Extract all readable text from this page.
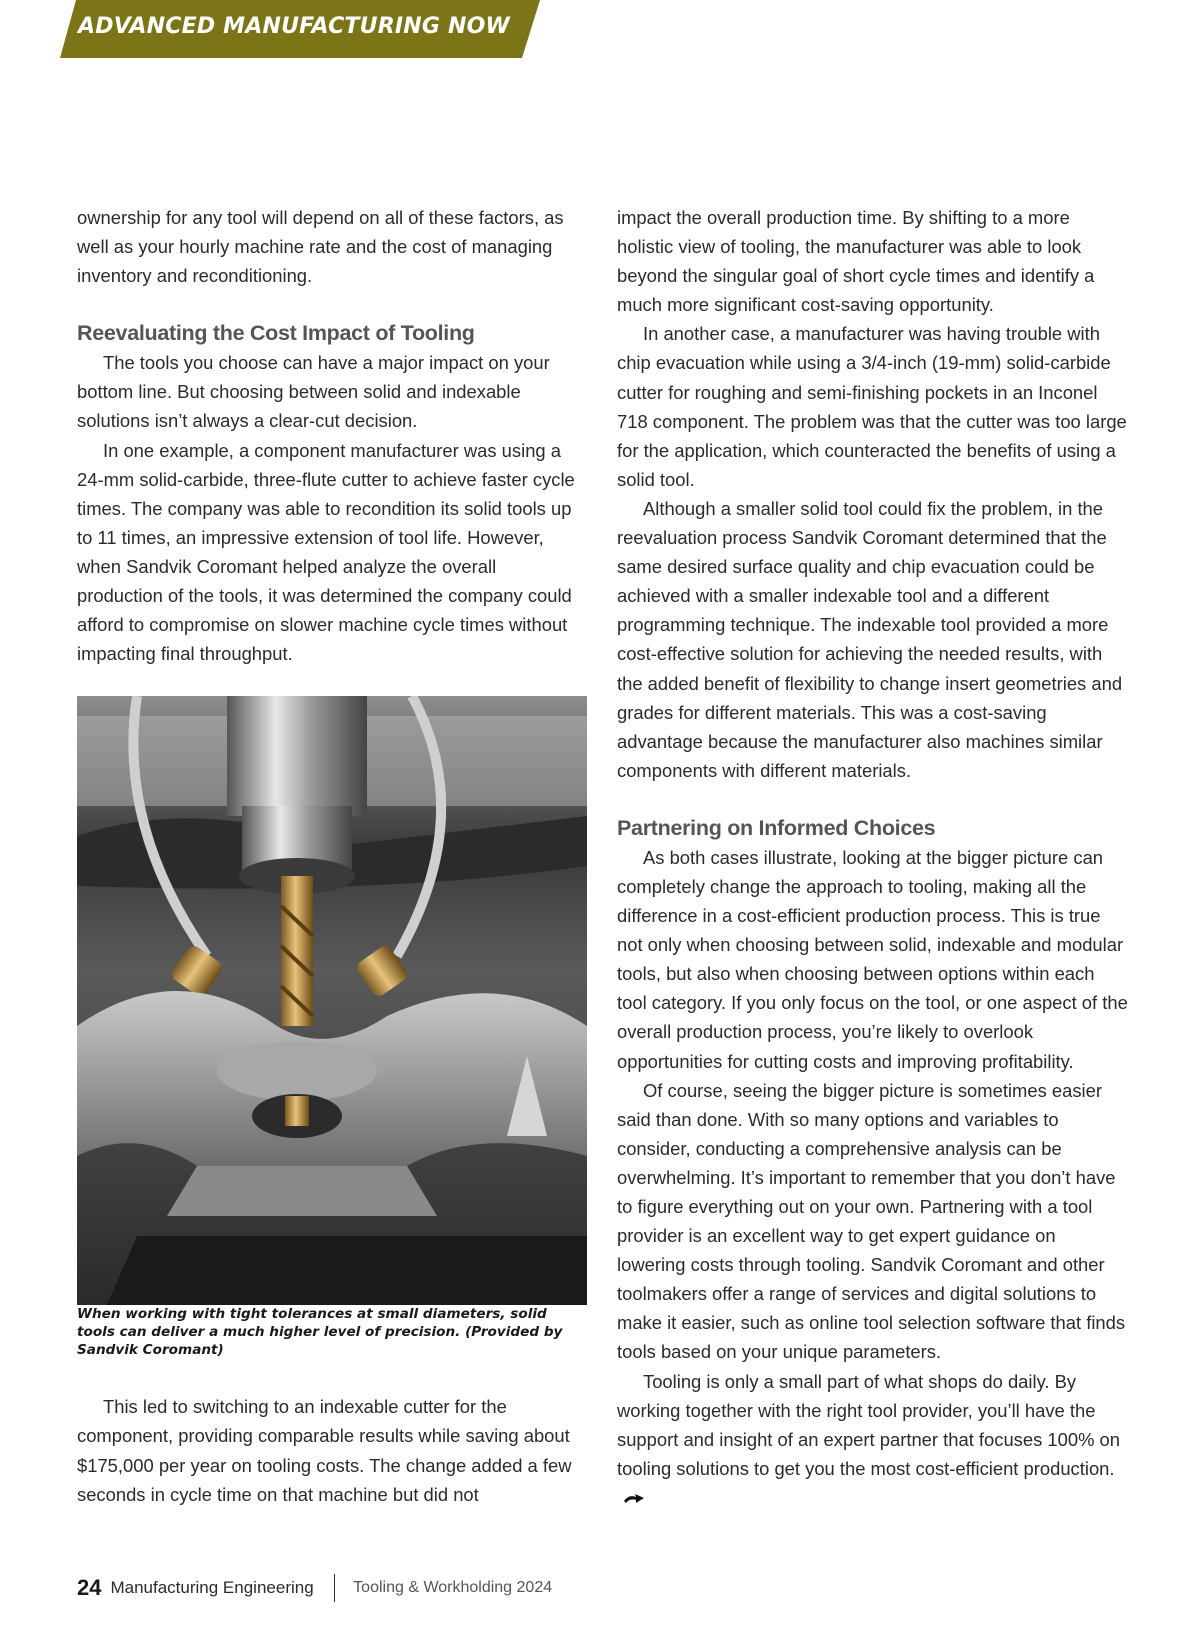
ADVANCED MANUFACTURING NOW

ownership for any tool will depend on all of these factors, as well as your hourly machine rate and the cost of managing inventory and reconditioning.

Reevaluating the Cost Impact of Tooling

The tools you choose can have a major impact on your bottom line. But choosing between solid and indexable solutions isn’t always a clear-cut decision.

In one example, a component manufacturer was using a 24-mm solid-carbide, three-flute cutter to achieve faster cycle times. The company was able to recondition its solid tools up to 11 times, an impressive extension of tool life. However, when Sandvik Coromant helped analyze the overall production of the tools, it was determined the company could afford to compromise on slower machine cycle times without impacting final throughput.

When working with tight tolerances at small diameters, solid tools can deliver a much higher level of precision. (Provided by Sandvik Coromant)

This led to switching to an indexable cutter for the component, providing comparable results while saving about $175,000 per year on tooling costs. The change added a few seconds in cycle time on that machine but did not

impact the overall production time. By shifting to a more holistic view of tooling, the manufacturer was able to look beyond the singular goal of short cycle times and identify a much more significant cost-saving opportunity.

In another case, a manufacturer was having trouble with chip evacuation while using a 3/4-inch (19-mm) solid-carbide cutter for roughing and semi-finishing pockets in an Inconel 718 component. The problem was that the cutter was too large for the application, which counteracted the benefits of using a solid tool.

Although a smaller solid tool could fix the problem, in the reevaluation process Sandvik Coromant determined that the same desired surface quality and chip evacuation could be achieved with a smaller indexable tool and a different programming technique. The indexable tool provided a more cost-effective solution for achieving the needed results, with the added benefit of flexibility to change insert geometries and grades for different materials. This was a cost-saving advantage because the manufacturer also machines similar components with different materials.

Partnering on Informed Choices

As both cases illustrate, looking at the bigger picture can completely change the approach to tooling, making all the difference in a cost-efficient production process. This is true not only when choosing between solid, indexable and modular tools, but also when choosing between options within each tool category. If you only focus on the tool, or one aspect of the overall production process, you’re likely to overlook opportunities for cutting costs and improving profitability.

Of course, seeing the bigger picture is sometimes easier said than done. With so many options and variables to consider, conducting a comprehensive analysis can be overwhelming. It’s important to remember that you don’t have to figure everything out on your own. Partnering with a tool provider is an excellent way to get expert guidance on lowering costs through tooling. Sandvik Coromant and other toolmakers offer a range of services and digital solutions to make it easier, such as online tool selection software that finds tools based on your unique parameters.

Tooling is only a small part of what shops do daily. By working together with the right tool provider, you’ll have the support and insight of an expert partner that focuses 100% on tooling solutions to get you the most cost-efficient production.

24 Manufacturing Engineering Tooling & Workholding 2024
